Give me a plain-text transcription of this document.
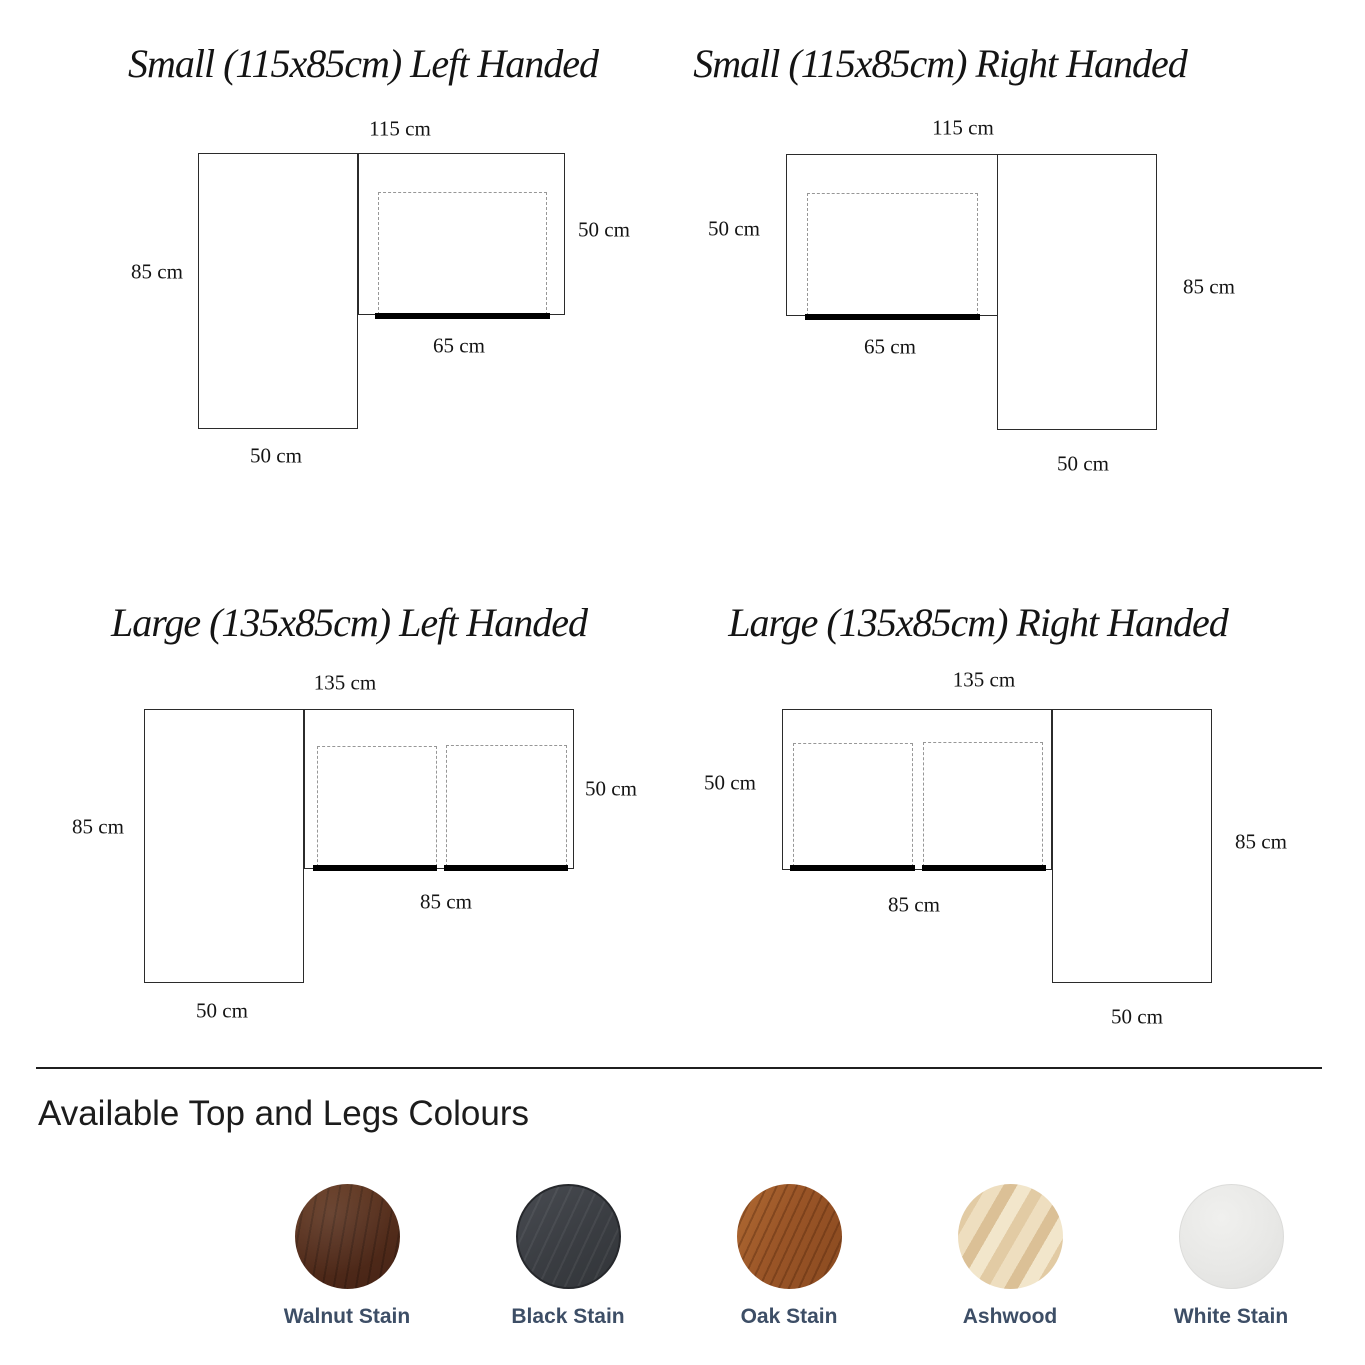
Small (115x85cm) Left Handed
115 cm
50 cm
85 cm
65 cm
50 cm
Small (115x85cm) Right Handed
115 cm
50 cm
85 cm
65 cm
50 cm
Large (135x85cm) Left Handed
135 cm
50 cm
85 cm
85 cm
50 cm
Large (135x85cm) Right Handed
135 cm
50 cm
85 cm
85 cm
50 cm
Available Top and Legs Colours
Walnut Stain	Black Stain	Oak Stain	Ashwood	White Stain
